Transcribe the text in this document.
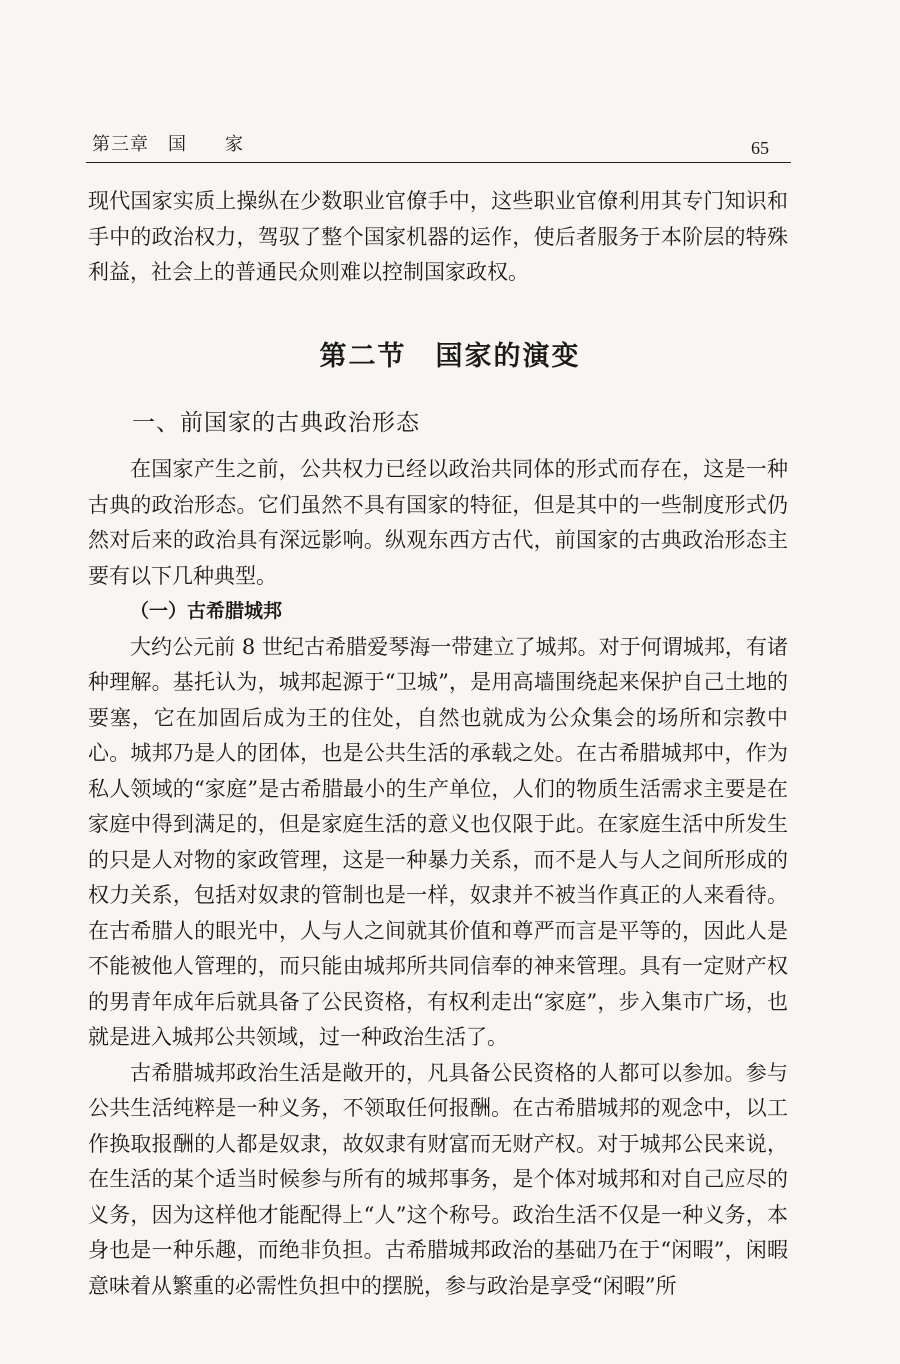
第三章　国　　家	65

现代国家实质上操纵在少数职业官僚手中，这些职业官僚利用其专门知识和手中的政治权力，驾驭了整个国家机器的运作，使后者服务于本阶层的特殊利益，社会上的普通民众则难以控制国家政权。

第二节　国家的演变
一、前国家的古典政治形态

在国家产生之前，公共权力已经以政治共同体的形式而存在，这是一种古典的政治形态。它们虽然不具有国家的特征，但是其中的一些制度形式仍然对后来的政治具有深远影响。纵观东西方古代，前国家的古典政治形态主要有以下几种典型。

（一）古希腊城邦

大约公元前 8 世纪古希腊爱琴海一带建立了城邦。对于何谓城邦，有诸种理解。基托认为，城邦起源于“卫城”，是用高墙围绕起来保护自己土地的要塞，它在加固后成为王的住处，自然也就成为公众集会的场所和宗教中心。城邦乃是人的团体，也是公共生活的承载之处。在古希腊城邦中，作为私人领域的“家庭”是古希腊最小的生产单位，人们的物质生活需求主要是在家庭中得到满足的，但是家庭生活的意义也仅限于此。在家庭生活中所发生的只是人对物的家政管理，这是一种暴力关系，而不是人与人之间所形成的权力关系，包括对奴隶的管制也是一样，奴隶并不被当作真正的人来看待。在古希腊人的眼光中，人与人之间就其价值和尊严而言是平等的，因此人是不能被他人管理的，而只能由城邦所共同信奉的神来管理。具有一定财产权的男青年成年后就具备了公民资格，有权利走出“家庭”，步入集市广场，也就是进入城邦公共领域，过一种政治生活了。

古希腊城邦政治生活是敞开的，凡具备公民资格的人都可以参加。参与公共生活纯粹是一种义务，不领取任何报酬。在古希腊城邦的观念中，以工作换取报酬的人都是奴隶，故奴隶有财富而无财产权。对于城邦公民来说，在生活的某个适当时候参与所有的城邦事务，是个体对城邦和对自己应尽的义务，因为这样他才能配得上“人”这个称号。政治生活不仅是一种义务，本身也是一种乐趣，而绝非负担。古希腊城邦政治的基础乃在于“闲暇”，闲暇意味着从繁重的必需性负担中的摆脱，参与政治是享受“闲暇”所
